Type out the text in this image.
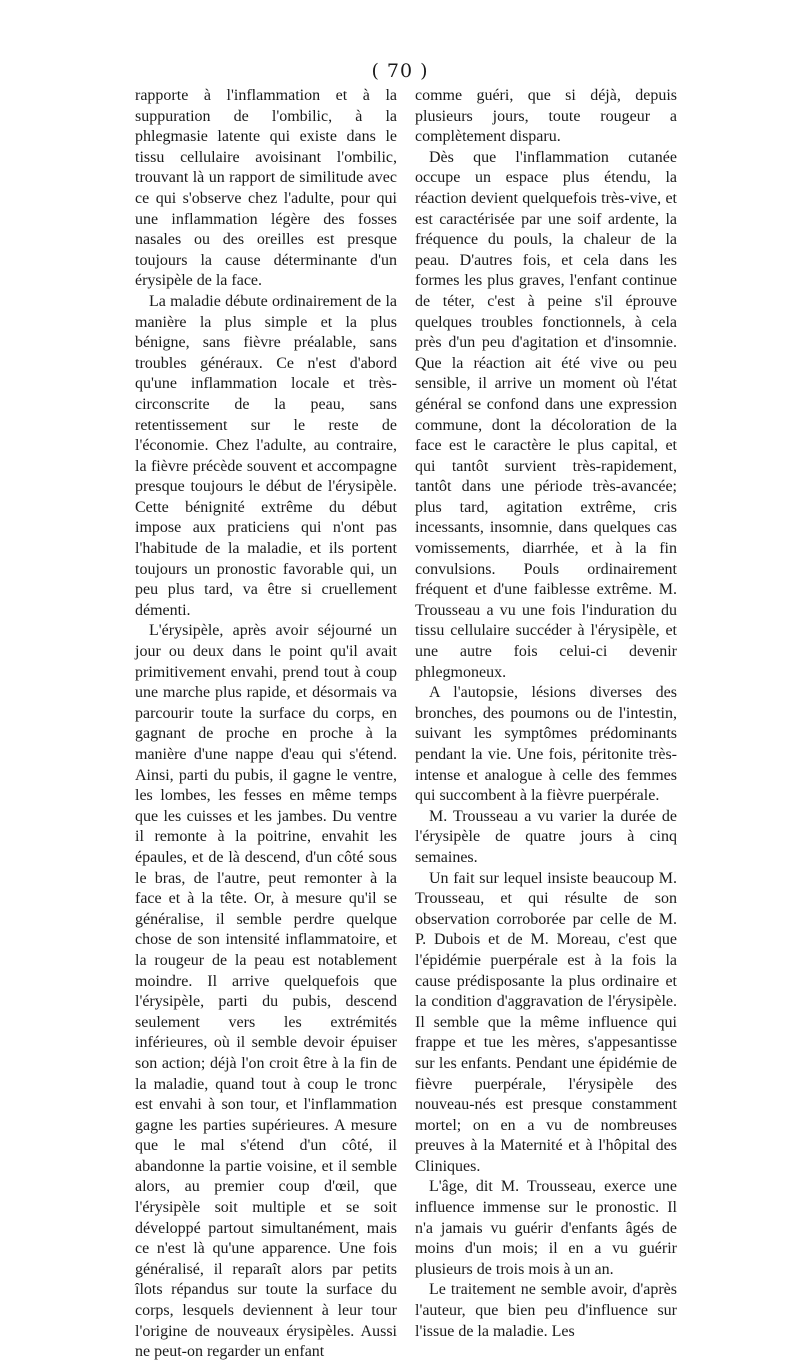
( 70 )

rapporte à l'inflammation et à la suppuration de l'ombilic, à la phlegmasie latente qui existe dans le tissu cellulaire avoisinant l'ombilic, trouvant là un rapport de similitude avec ce qui s'observe chez l'adulte, pour qui une inflammation légère des fosses nasales ou des oreilles est presque toujours la cause déterminante d'un érysipèle de la face.

La maladie débute ordinairement de la manière la plus simple et la plus bénigne, sans fièvre préalable, sans troubles généraux. Ce n'est d'abord qu'une inflammation locale et très-circonscrite de la peau, sans retentissement sur le reste de l'économie. Chez l'adulte, au contraire, la fièvre précède souvent et accompagne presque toujours le début de l'érysipèle. Cette bénignité extrême du début impose aux praticiens qui n'ont pas l'habitude de la maladie, et ils portent toujours un pronostic favorable qui, un peu plus tard, va être si cruellement démenti.

L'érysipèle, après avoir séjourné un jour ou deux dans le point qu'il avait primitivement envahi, prend tout à coup une marche plus rapide, et désormais va parcourir toute la surface du corps, en gagnant de proche en proche à la manière d'une nappe d'eau qui s'étend. Ainsi, parti du pubis, il gagne le ventre, les lombes, les fesses en même temps que les cuisses et les jambes. Du ventre il remonte à la poitrine, envahit les épaules, et de là descend, d'un côté sous le bras, de l'autre, peut remonter à la face et à la tête. Or, à mesure qu'il se généralise, il semble perdre quelque chose de son intensité inflammatoire, et la rougeur de la peau est notablement moindre. Il arrive quelquefois que l'érysipèle, parti du pubis, descend seulement vers les extrémités inférieures, où il semble devoir épuiser son action; déjà l'on croit être à la fin de la maladie, quand tout à coup le tronc est envahi à son tour, et l'inflammation gagne les parties supérieures. A mesure que le mal s'étend d'un côté, il abandonne la partie voisine, et il semble alors, au premier coup d'œil, que l'érysipèle soit multiple et se soit développé partout simultanément, mais ce n'est là qu'une apparence. Une fois généralisé, il reparaît alors par petits îlots répandus sur toute la surface du corps, lesquels deviennent à leur tour l'origine de nouveaux érysipèles. Aussi ne peut-on regarder un enfant

comme guéri, que si déjà, depuis plusieurs jours, toute rougeur a complètement disparu.

Dès que l'inflammation cutanée occupe un espace plus étendu, la réaction devient quelquefois très-vive, et est caractérisée par une soif ardente, la fréquence du pouls, la chaleur de la peau. D'autres fois, et cela dans les formes les plus graves, l'enfant continue de téter, c'est à peine s'il éprouve quelques troubles fonctionnels, à cela près d'un peu d'agitation et d'insomnie. Que la réaction ait été vive ou peu sensible, il arrive un moment où l'état général se confond dans une expression commune, dont la décoloration de la face est le caractère le plus capital, et qui tantôt survient très-rapidement, tantôt dans une période très-avancée; plus tard, agitation extrême, cris incessants, insomnie, dans quelques cas vomissements, diarrhée, et à la fin convulsions. Pouls ordinairement fréquent et d'une faiblesse extrême. M. Trousseau a vu une fois l'induration du tissu cellulaire succéder à l'érysipèle, et une autre fois celui-ci devenir phlegmoneux.

A l'autopsie, lésions diverses des bronches, des poumons ou de l'intestin, suivant les symptômes prédominants pendant la vie. Une fois, péritonite très-intense et analogue à celle des femmes qui succombent à la fièvre puerpérale.

M. Trousseau a vu varier la durée de l'érysipèle de quatre jours à cinq semaines.

Un fait sur lequel insiste beaucoup M. Trousseau, et qui résulte de son observation corroborée par celle de M. P. Dubois et de M. Moreau, c'est que l'épidémie puerpérale est à la fois la cause prédisposante la plus ordinaire et la condition d'aggravation de l'érysipèle. Il semble que la même influence qui frappe et tue les mères, s'appesantisse sur les enfants. Pendant une épidémie de fièvre puerpérale, l'érysipèle des nouveau-nés est presque constamment mortel; on en a vu de nombreuses preuves à la Maternité et à l'hôpital des Cliniques.

L'âge, dit M. Trousseau, exerce une influence immense sur le pronostic. Il n'a jamais vu guérir d'enfants âgés de moins d'un mois; il en a vu guérir plusieurs de trois mois à un an.

Le traitement ne semble avoir, d'après l'auteur, que bien peu d'influence sur l'issue de la maladie. Les
